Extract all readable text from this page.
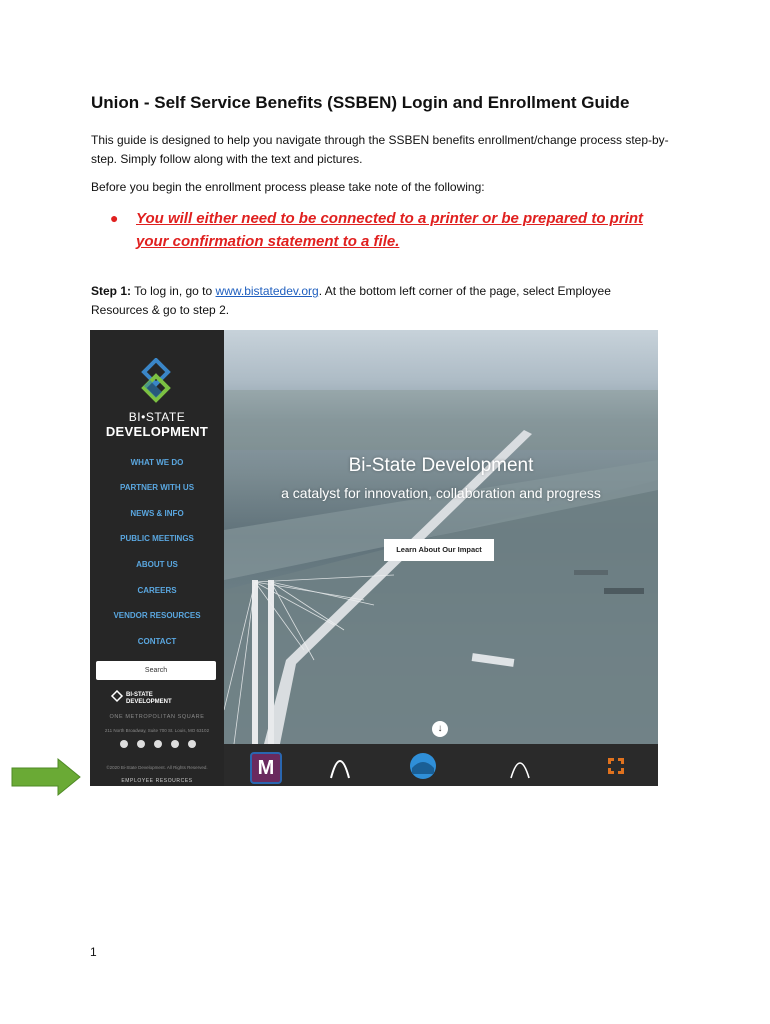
Union - Self Service Benefits (SSBEN) Login and Enrollment Guide

This guide is designed to help you navigate through the SSBEN benefits enrollment/change process step-by-step. Simply follow along with the text and pictures.

Before you begin the enrollment process please take note of the following:

● You will either need to be connected to a printer or be prepared to print your confirmation statement to a file.

Step 1: To log in, go to www.bistatedev.org. At the bottom left corner of the page, select Employee Resources & go to step 2.

BI•STATE
DEVELOPMENT
WHAT WE DO
PARTNER WITH US
NEWS & INFO
PUBLIC MEETINGS
ABOUT US
CAREERS
VENDOR RESOURCES
CONTACT
Search
BI-STATE
DEVELOPMENT
ONE METROPOLITAN SQUARE
211 North Broadway, Suite 700 St. Louis, MO 63102
©2020 Bi-State Development. All Rights Reserved.
EMPLOYEE RESOURCES
Bi-State Development
a catalyst for innovation, collaboration and progress
Learn About Our Impact
↓
M
1
